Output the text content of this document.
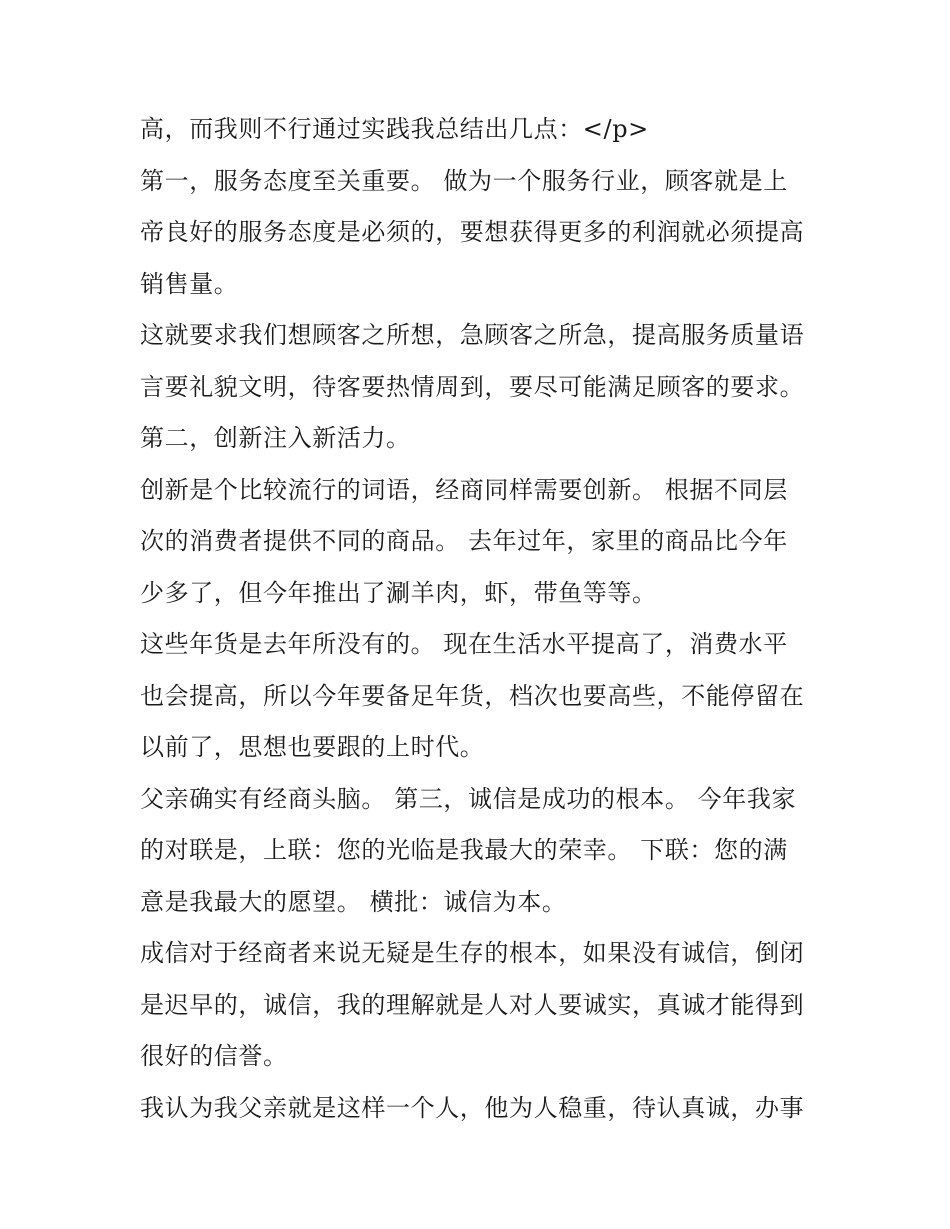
高，而我则不行通过实践我总结出几点：</p>
第一，服务态度至关重要。 做为一个服务行业，顾客就是上
帝良好的服务态度是必须的，要想获得更多的利润就必须提高
销售量。
这就要求我们想顾客之所想，急顾客之所急，提高服务质量语
言要礼貌文明，待客要热情周到，要尽可能满足顾客的要求。
第二，创新注入新活力。
创新是个比较流行的词语，经商同样需要创新。 根据不同层
次的消费者提供不同的商品。 去年过年，家里的商品比今年
少多了，但今年推出了涮羊肉，虾，带鱼等等。
这些年货是去年所没有的。 现在生活水平提高了，消费水平
也会提高，所以今年要备足年货，档次也要高些，不能停留在
以前了，思想也要跟的上时代。
父亲确实有经商头脑。 第三，诚信是成功的根本。 今年我家
的对联是，上联：您的光临是我最大的荣幸。 下联：您的满
意是我最大的愿望。 横批：诚信为本。
成信对于经商者来说无疑是生存的根本，如果没有诚信，倒闭
是迟早的，诚信，我的理解就是人对人要诚实，真诚才能得到
很好的信誉。
我认为我父亲就是这样一个人，他为人稳重，待认真诚，办事
